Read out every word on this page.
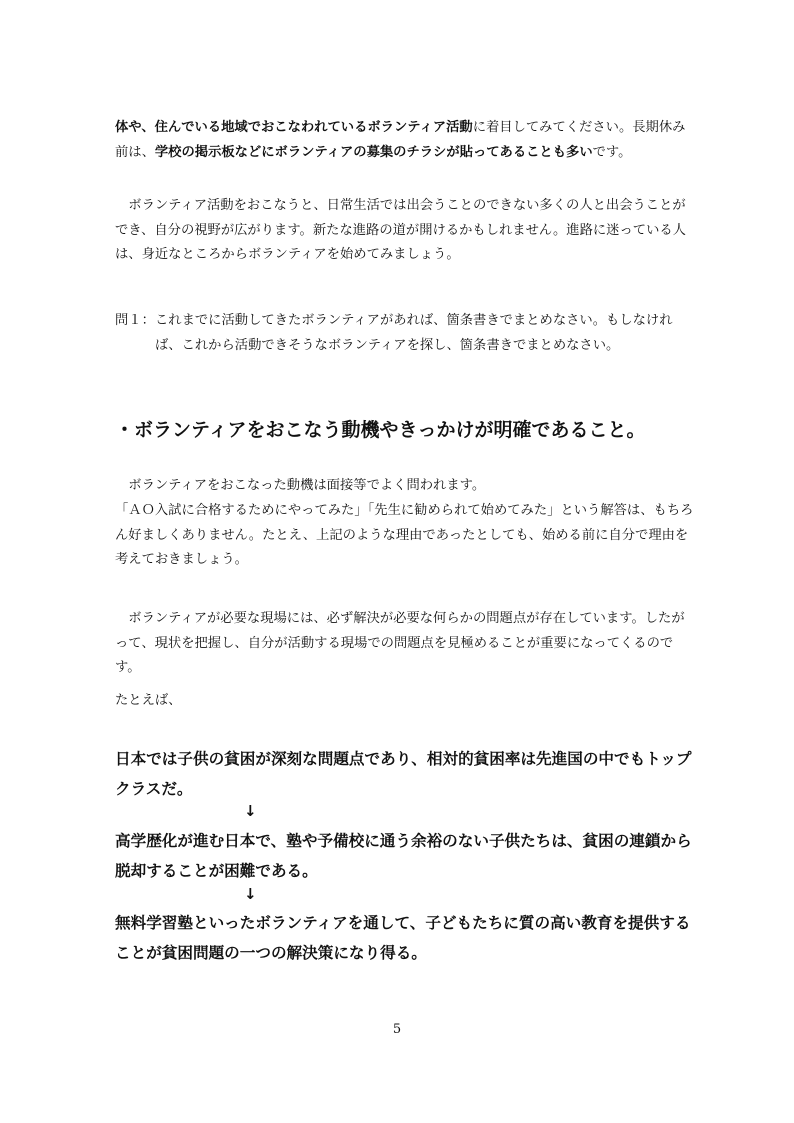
体や、住んでいる地域でおこなわれているボランティア活動に着目してみてください。長期休み前は、学校の掲示板などにボランティアの募集のチラシが貼ってあることも多いです。

　ボランティア活動をおこなうと、日常生活では出会うことのできない多くの人と出会うことができ、自分の視野が広がります。新たな進路の道が開けるかもしれません。進路に迷っている人は、身近なところからボランティアを始めてみましょう。

問１： これまでに活動してきたボランティアがあれば、箇条書きでまとめなさい。もしなければ、これから活動できそうなボランティアを探し、箇条書きでまとめなさい。

・ボランティアをおこなう動機やきっかけが明確であること。

　ボランティアをおこなった動機は面接等でよく問われます。

「ＡＯ入試に合格するためにやってみた」「先生に勧められて始めてみた」という解答は、もちろん好ましくありません。たとえ、上記のような理由であったとしても、始める前に自分で理由を考えておきましょう。

　ボランティアが必要な現場には、必ず解決が必要な何らかの問題点が存在しています。したがって、現状を把握し、自分が活動する現場での問題点を見極めることが重要になってくるのです。

たとえば、

日本では子供の貧困が深刻な問題点であり、相対的貧困率は先進国の中でもトップクラスだ。

↓

高学歴化が進む日本で、塾や予備校に通う余裕のない子供たちは、貧困の連鎖から脱却することが困難である。

↓

無料学習塾といったボランティアを通して、子どもたちに質の高い教育を提供することが貧困問題の一つの解決策になり得る。

5
